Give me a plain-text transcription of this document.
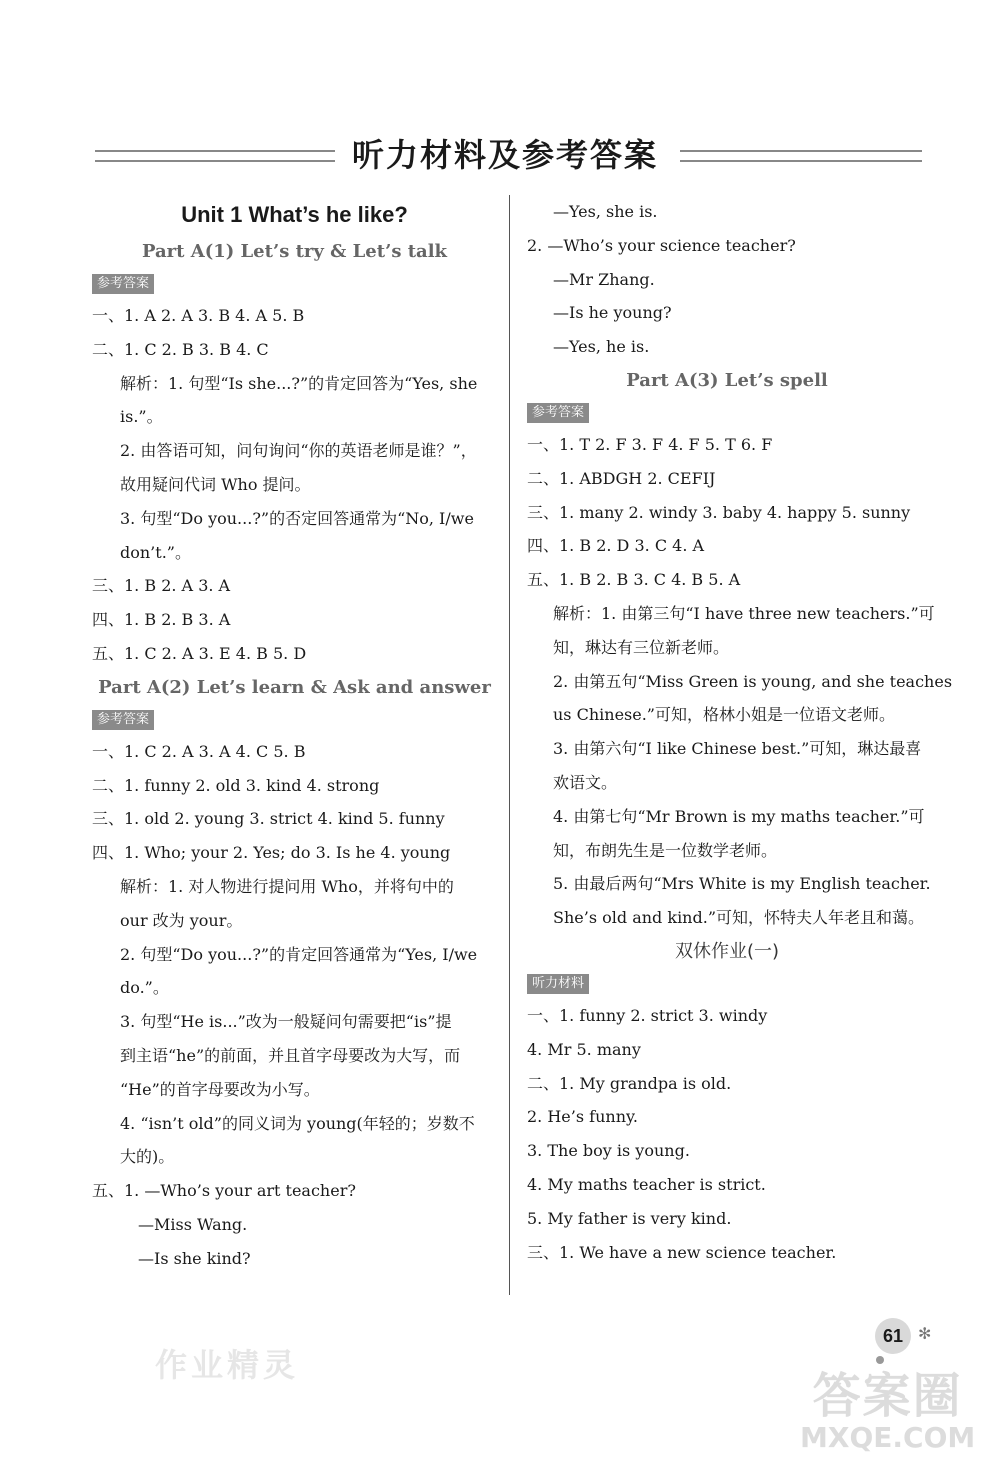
听力材料及参考答案
Unit 1 What’s he like?
Part A(1) Let’s try & Let’s talk
参考答案
一、1. A 2. A 3. B 4. A 5. B
二、1. C 2. B 3. B 4. C
解析：1. 句型“Is she...?”的肯定回答为“Yes, she
is.”。
2. 由答语可知，问句询问“你的英语老师是谁？”，
故用疑问代词 Who 提问。
3. 句型“Do you...?”的否定回答通常为“No, I/we
don’t.”。
三、1. B 2. A 3. A
四、1. B 2. B 3. A
五、1. C 2. A 3. E 4. B 5. D
Part A(2) Let’s learn & Ask and answer
参考答案
一、1. C 2. A 3. A 4. C 5. B
二、1. funny 2. old 3. kind 4. strong
三、1. old 2. young 3. strict 4. kind 5. funny
四、1. Who; your 2. Yes; do 3. Is he 4. young
解析：1. 对人物进行提问用 Who，并将句中的
our 改为 your。
2. 句型“Do you...?”的肯定回答通常为“Yes, I/we
do.”。
3. 句型“He is...”改为一般疑问句需要把“is”提
到主语“he”的前面，并且首字母要改为大写，而
“He”的首字母要改为小写。
4. “isn’t old”的同义词为 young(年轻的；岁数不
大的)。
五、1. —Who’s your art teacher?
—Miss Wang.
—Is she kind?
—Yes, she is.
2. —Who’s your science teacher?
—Mr Zhang.
—Is he young?
—Yes, he is.
Part A(3) Let’s spell
参考答案
一、1. T 2. F 3. F 4. F 5. T 6. F
二、1. ABDGH 2. CEFIJ
三、1. many 2. windy 3. baby 4. happy 5. sunny
四、1. B 2. D 3. C 4. A
五、1. B 2. B 3. C 4. B 5. A
解析：1. 由第三句“I have three new teachers.”可
知，琳达有三位新老师。
2. 由第五句“Miss Green is young, and she teaches
us Chinese.”可知，格林小姐是一位语文老师。
3. 由第六句“I like Chinese best.”可知，琳达最喜
欢语文。
4. 由第七句“Mr Brown is my maths teacher.”可
知，布朗先生是一位数学老师。
5. 由最后两句“Mrs White is my English teacher.
She’s old and kind.”可知，怀特夫人年老且和蔼。
双休作业(一)
听力材料
一、1. funny 2. strict 3. windy
4. Mr 5. many
二、1. My grandpa is old.
2. He’s funny.
3. The boy is young.
4. My maths teacher is strict.
5. My father is very kind.
三、1. We have a new science teacher.
61 ✻
作业精灵
答案圈
MXQE.COM
